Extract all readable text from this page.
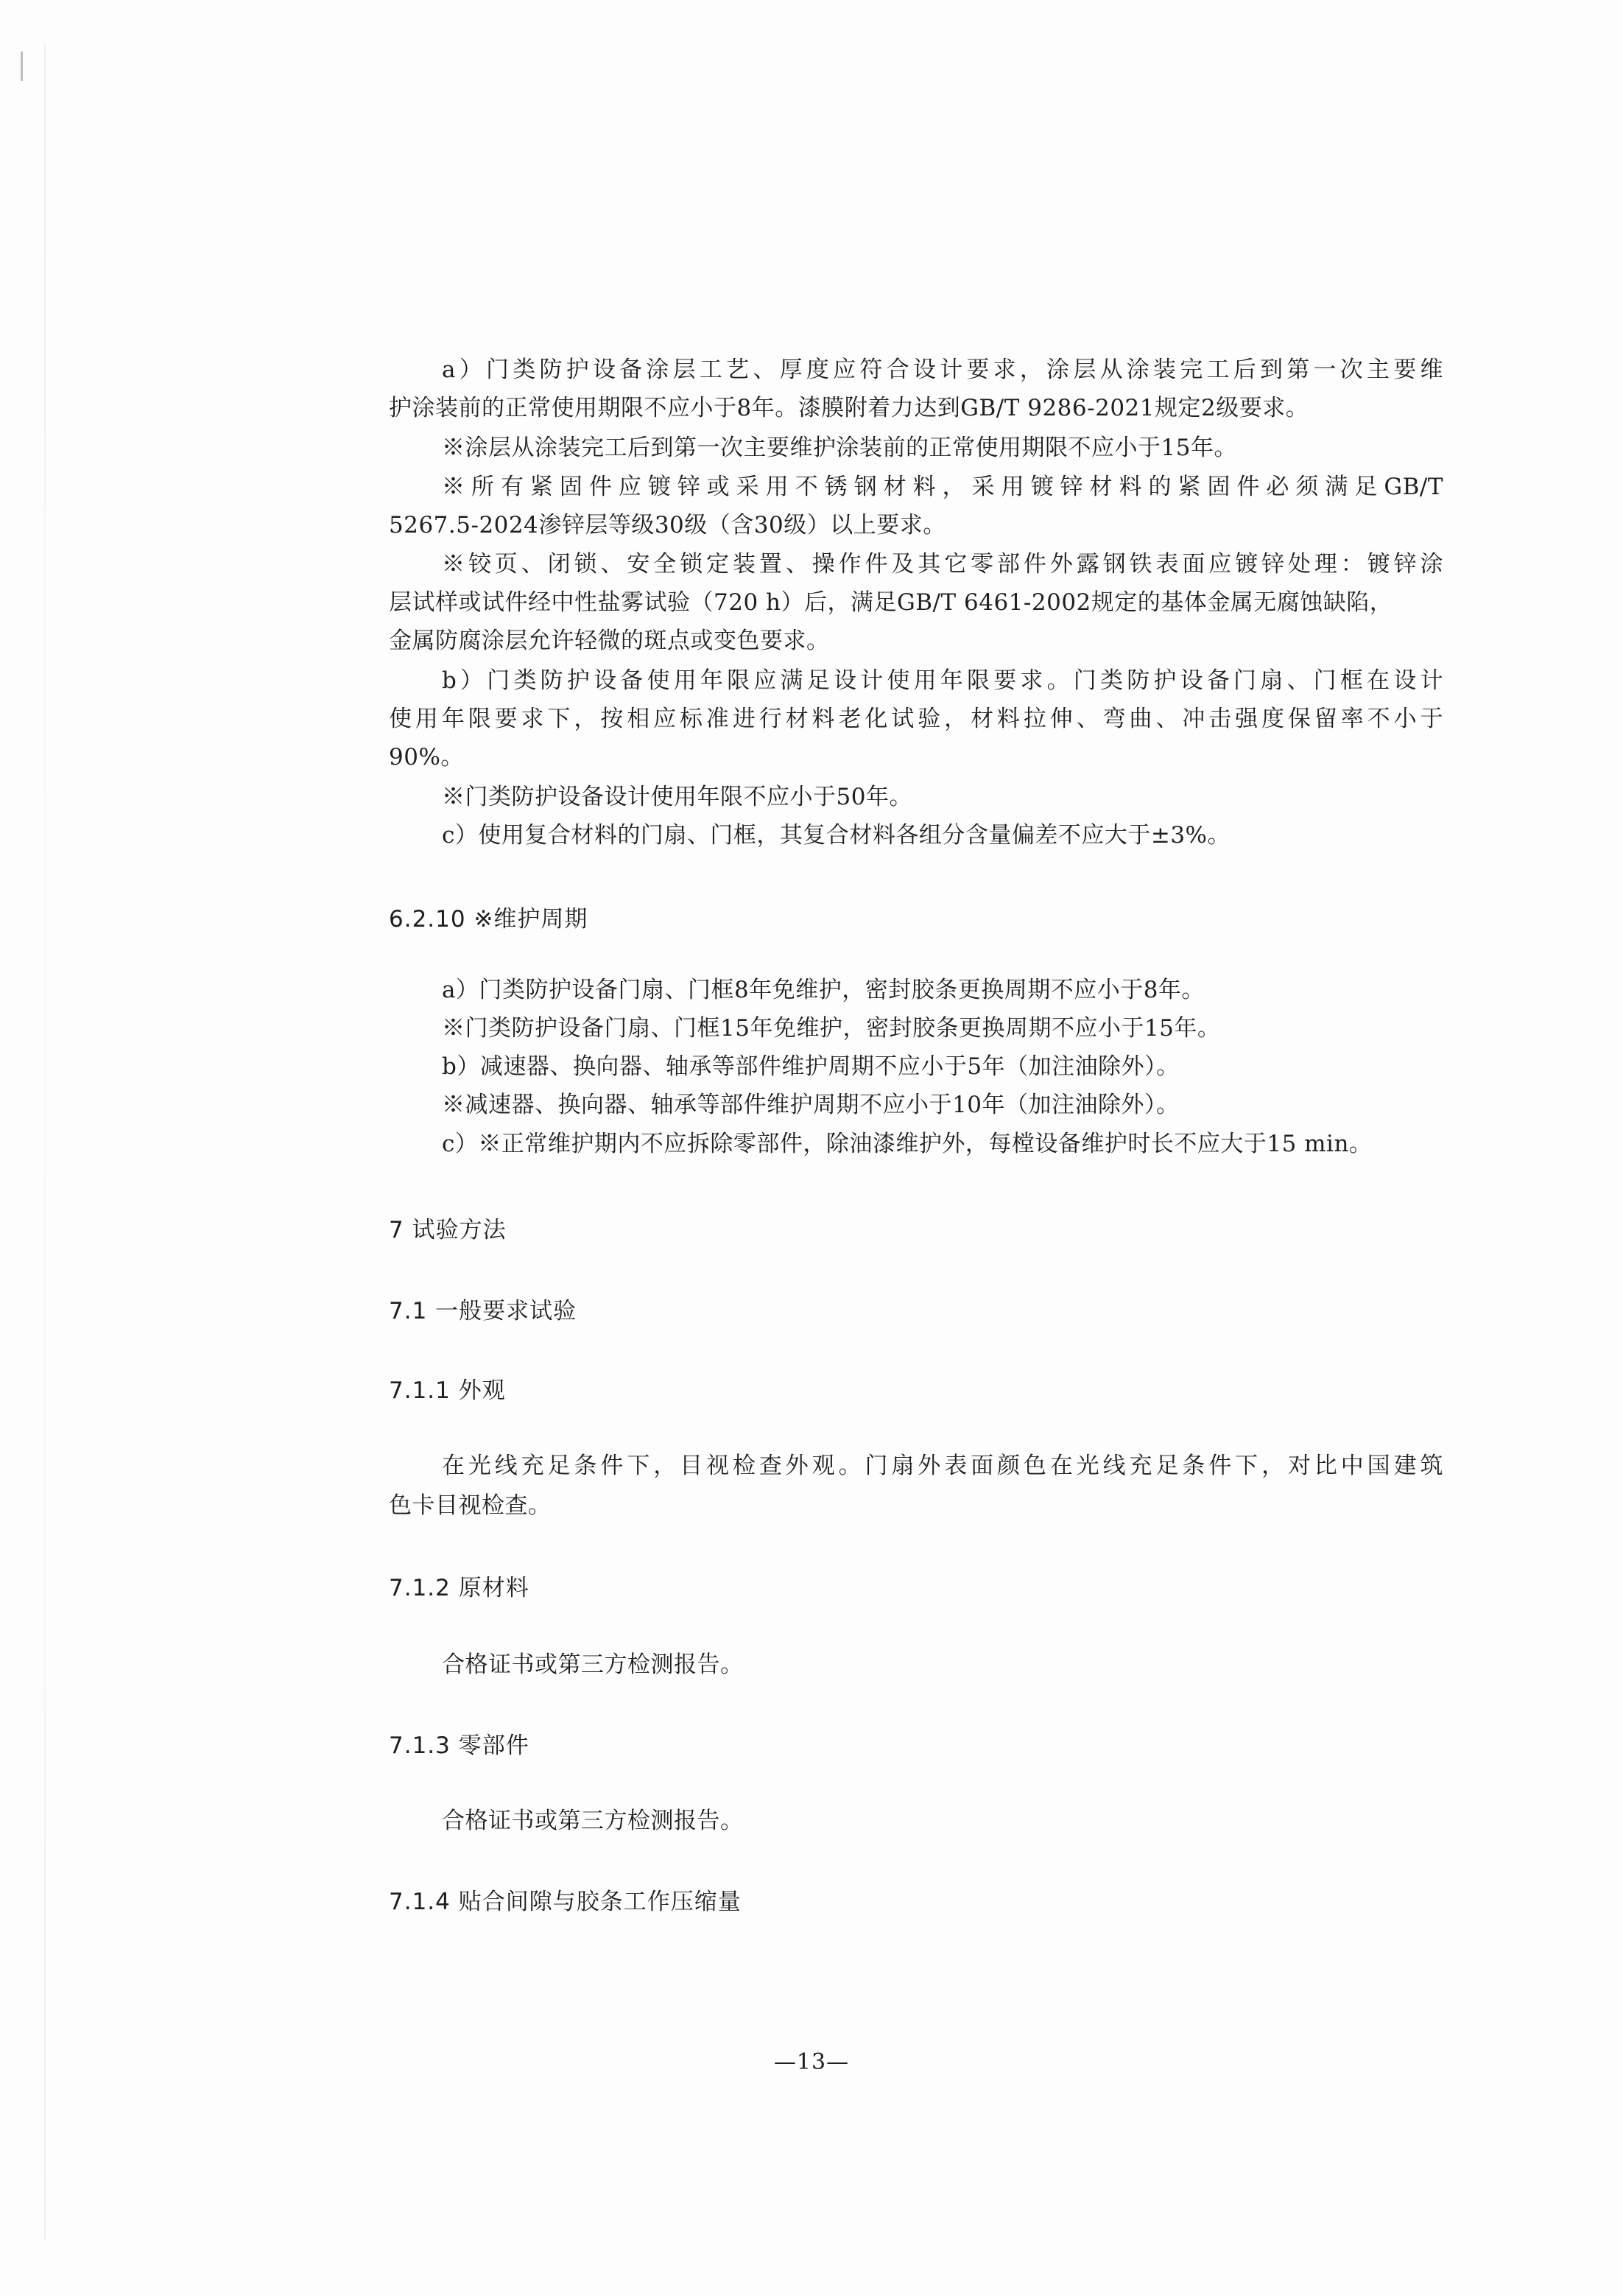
a）门类防护设备涂层工艺、厚度应符合设计要求，涂层从涂装完工后到第一次主要维
护涂装前的正常使用期限不应小于8年。漆膜附着力达到GB/T 9286-2021规定2级要求。
※涂层从涂装完工后到第一次主要维护涂装前的正常使用期限不应小于15年。
※所有紧固件应镀锌或采用不锈钢材料，采用镀锌材料的紧固件必须满足GB/T
5267.5-2024渗锌层等级30级（含30级）以上要求。
※铰页、闭锁、安全锁定装置、操作件及其它零部件外露钢铁表面应镀锌处理：镀锌涂
层试样或试件经中性盐雾试验（720 h）后，满足GB/T 6461-2002规定的基体金属无腐蚀缺陷，
金属防腐涂层允许轻微的斑点或变色要求。
b）门类防护设备使用年限应满足设计使用年限要求。门类防护设备门扇、门框在设计
使用年限要求下，按相应标准进行材料老化试验，材料拉伸、弯曲、冲击强度保留率不小于
90%。
※门类防护设备设计使用年限不应小于50年。
c）使用复合材料的门扇、门框，其复合材料各组分含量偏差不应大于±3%。
6.2.10 ※维护周期
a）门类防护设备门扇、门框8年免维护，密封胶条更换周期不应小于8年。
※门类防护设备门扇、门框15年免维护，密封胶条更换周期不应小于15年。
b）减速器、换向器、轴承等部件维护周期不应小于5年（加注油除外）。
※减速器、换向器、轴承等部件维护周期不应小于10年（加注油除外）。
c）※正常维护期内不应拆除零部件，除油漆维护外，每樘设备维护时长不应大于15 min。
7 试验方法
7.1 一般要求试验
7.1.1 外观
在光线充足条件下，目视检查外观。门扇外表面颜色在光线充足条件下，对比中国建筑
色卡目视检查。
7.1.2 原材料
合格证书或第三方检测报告。
7.1.3 零部件
合格证书或第三方检测报告。
7.1.4 贴合间隙与胶条工作压缩量
—13—
